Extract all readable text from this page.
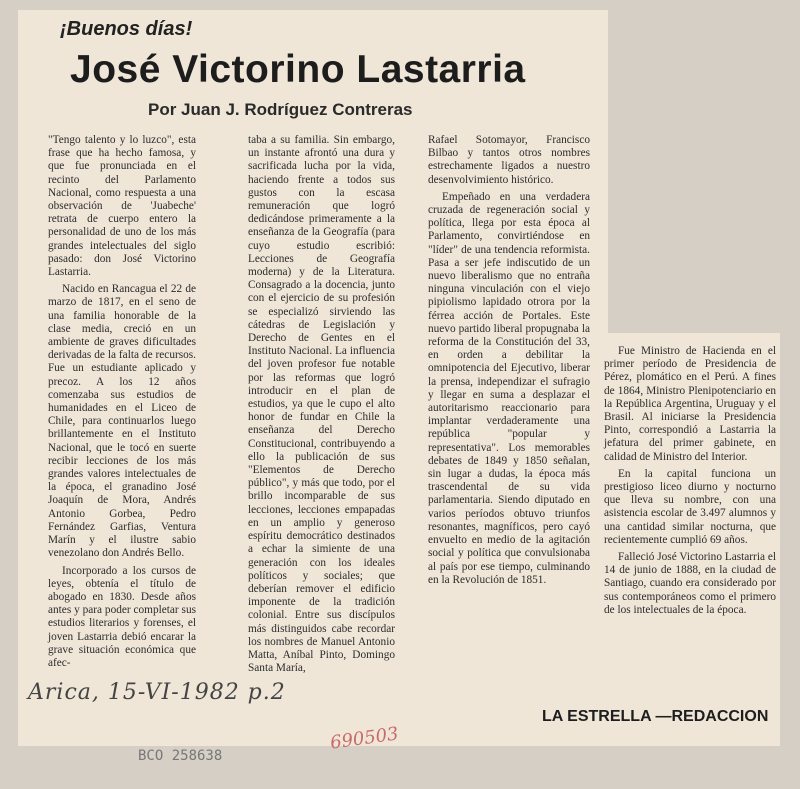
¡Buenos días!
José Victorino Lastarria
Por Juan J. Rodríguez Contreras

"Tengo talento y lo luzco", esta frase que ha hecho famosa, y que fue pronunciada en el recinto del Parlamento Nacional, como respuesta a una observación de 'Juabeche' retrata de cuerpo entero la personalidad de uno de los más grandes intelectuales del siglo pasado: don José Victorino Lastarria.

Nacido en Rancagua el 22 de marzo de 1817, en el seno de una familia honorable de la clase media, creció en un ambiente de graves dificultades derivadas de la falta de recursos. Fue un estudiante aplicado y precoz. A los 12 años comenzaba sus estudios de humanidades en el Liceo de Chile, para continuarlos luego brillantemente en el Instituto Nacional, que le tocó en suerte recibir lecciones de los más grandes valores intelectuales de la época, el granadino José Joaquín de Mora, Andrés Antonio Gorbea, Pedro Fernández Garfias, Ventura Marín y el ilustre sabio venezolano don Andrés Bello.

Incorporado a los cursos de leyes, obtenía el título de abogado en 1830. Desde años antes y para poder completar sus estudios literarios y forenses, el joven Lastarria debió encarar la grave situación económica que afec-

taba a su familia. Sin embargo, un instante afrontó una dura y sacrificada lucha por la vida, haciendo frente a todos sus gustos con la escasa remuneración que logró dedicándose primeramente a la enseñanza de la Geografía (para cuyo estudio escribió: Lecciones de Geografía moderna) y de la Literatura. Consagrado a la docencia, junto con el ejercicio de su profesión se especializó sirviendo las cátedras de Legislación y Derecho de Gentes en el Instituto Nacional. La influencia del joven profesor fue notable por las reformas que logró introducir en el plan de estudios, ya que le cupo el alto honor de fundar en Chile la enseñanza del Derecho Constitucional, contribuyendo a ello la publicación de sus "Elementos de Derecho público", y más que todo, por el brillo incomparable de sus lecciones, lecciones empapadas en un amplio y generoso espíritu democrático destinados a echar la simiente de una generación con los ideales políticos y sociales; que deberían remover el edificio imponente de la tradición colonial. Entre sus discípulos más distinguidos cabe recordar los nombres de Manuel Antonio Matta, Aníbal Pinto, Domingo Santa María,

Rafael Sotomayor, Francisco Bilbao y tantos otros nombres estrechamente ligados a nuestro desenvolvimiento histórico.

Empeñado en una verdadera cruzada de regeneración social y política, llega por esta época al Parlamento, convirtiéndose en "líder" de una tendencia reformista. Pasa a ser jefe indiscutido de un nuevo liberalismo que no entraña ninguna vinculación con el viejo pipiolismo lapidado otrora por la férrea acción de Portales. Este nuevo partido liberal propugnaba la reforma de la Constitución del 33, en orden a debilitar la omnipotencia del Ejecutivo, liberar la prensa, independizar el sufragio y llegar en suma a desplazar el autoritarismo reaccionario para implantar verdaderamente una república "popular y representativa". Los memorables debates de 1849 y 1850 señalan, sin lugar a dudas, la época más trascendental de su vida parlamentaria. Siendo diputado en varios períodos obtuvo triunfos resonantes, magníficos, pero cayó envuelto en medio de la agitación social y política que convulsionaba al país por ese tiempo, culminando en la Revolución de 1851.

Fue Ministro de Hacienda en el primer período de Presidencia de Pérez, plomático en el Perú. A fines de 1864, Ministro Plenipotenciario en la República Argentina, Uruguay y el Brasil. Al iniciarse la Presidencia Pinto, correspondió a Lastarria la jefatura del primer gabinete, en calidad de Ministro del Interior.

En la capital funciona un prestigioso liceo diurno y nocturno que lleva su nombre, con una asistencia escolar de 3.497 alumnos y una cantidad similar nocturna, que recientemente cumplió 69 años.

Falleció José Victorino Lastarria el 14 de junio de 1888, en la ciudad de Santiago, cuando era considerado por sus contemporáneos como el primero de los intelectuales de la época.

LA ESTRELLA —REDACCION
Arica, 15-VI-1982 p.2
BCO 258638
690503
